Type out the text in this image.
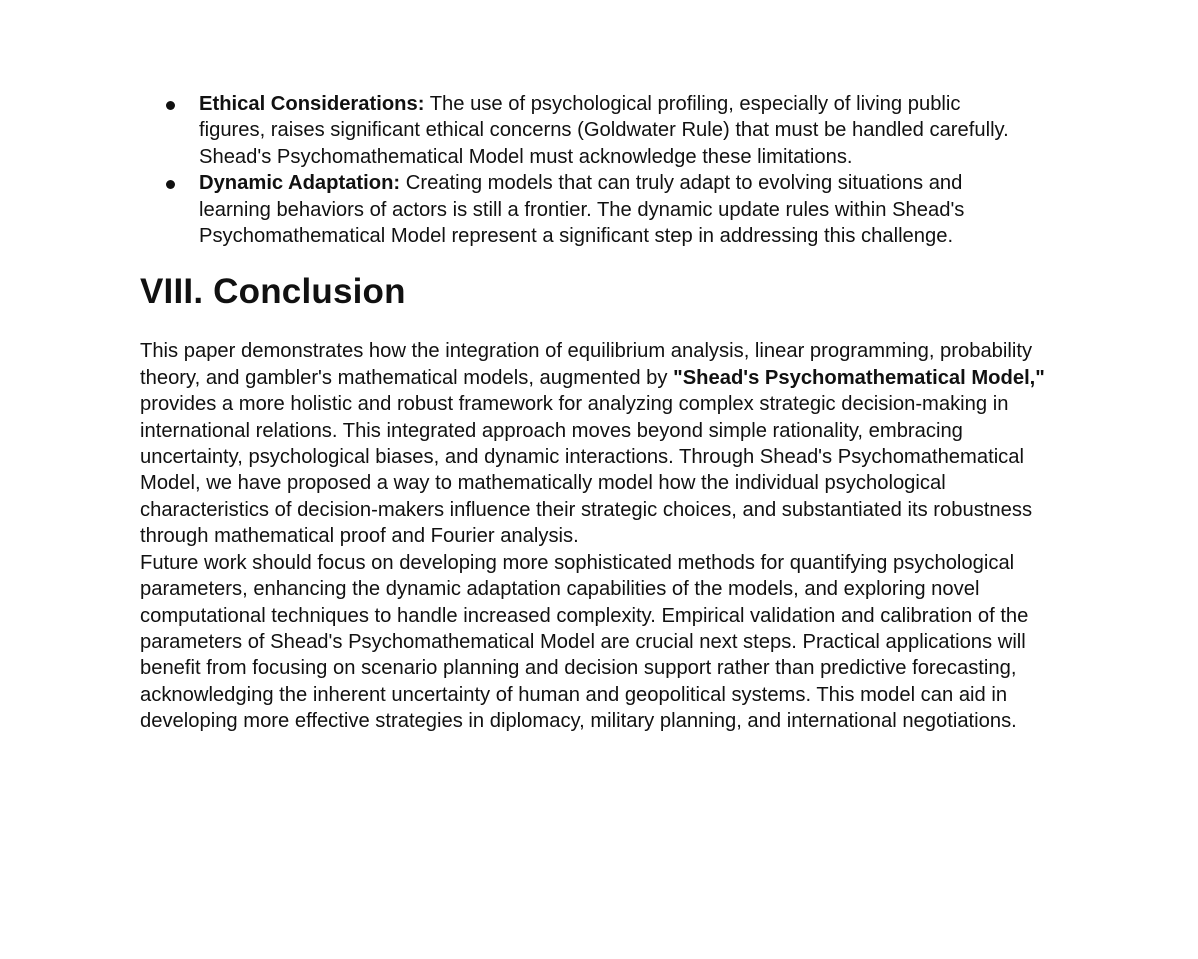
Ethical Considerations: The use of psychological profiling, especially of living public figures, raises significant ethical concerns (Goldwater Rule) that must be handled carefully. Shead's Psychomathematical Model must acknowledge these limitations.
Dynamic Adaptation: Creating models that can truly adapt to evolving situations and learning behaviors of actors is still a frontier. The dynamic update rules within Shead's Psychomathematical Model represent a significant step in addressing this challenge.
VIII. Conclusion

This paper demonstrates how the integration of equilibrium analysis, linear programming, probability theory, and gambler's mathematical models, augmented by "Shead's Psychomathematical Model," provides a more holistic and robust framework for analyzing complex strategic decision-making in international relations. This integrated approach moves beyond simple rationality, embracing uncertainty, psychological biases, and dynamic interactions. Through Shead's Psychomathematical Model, we have proposed a way to mathematically model how the individual psychological characteristics of decision-makers influence their strategic choices, and substantiated its robustness through mathematical proof and Fourier analysis.

Future work should focus on developing more sophisticated methods for quantifying psychological parameters, enhancing the dynamic adaptation capabilities of the models, and exploring novel computational techniques to handle increased complexity. Empirical validation and calibration of the parameters of Shead's Psychomathematical Model are crucial next steps. Practical applications will benefit from focusing on scenario planning and decision support rather than predictive forecasting, acknowledging the inherent uncertainty of human and geopolitical systems. This model can aid in developing more effective strategies in diplomacy, military planning, and international negotiations.
